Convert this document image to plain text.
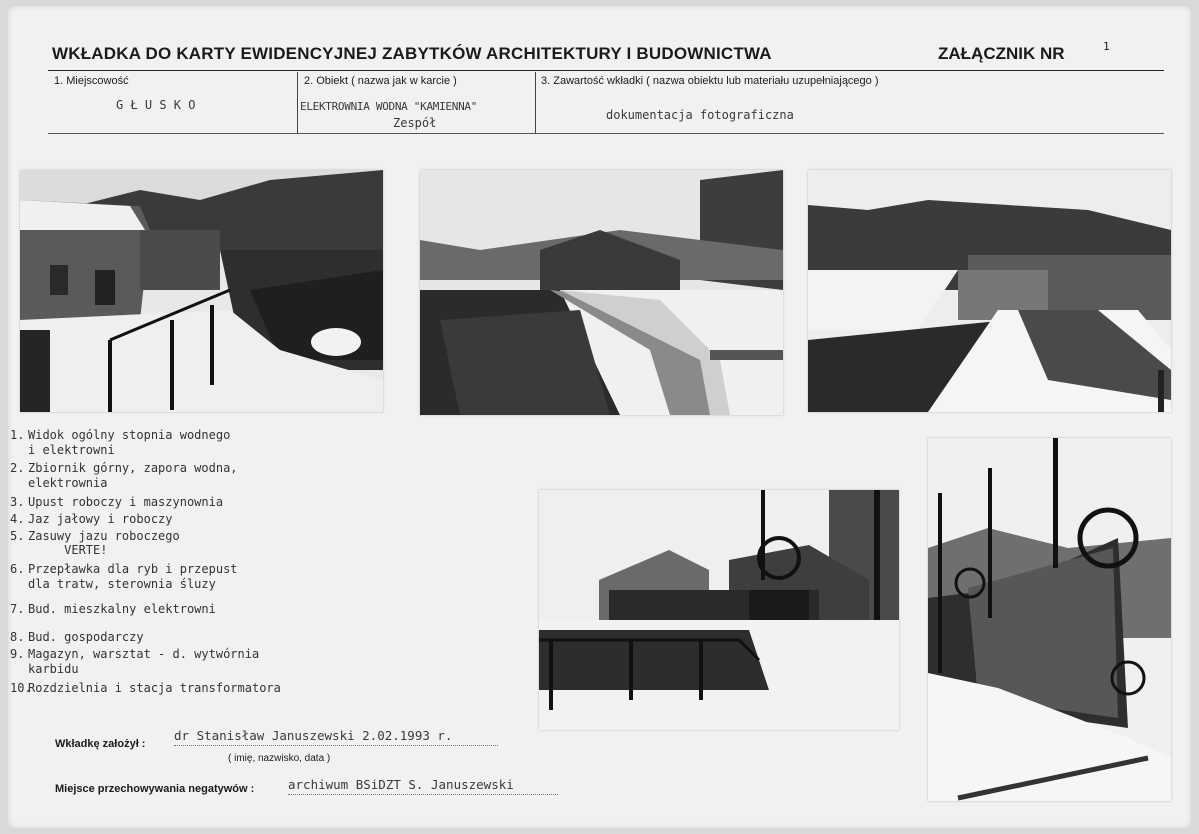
WKŁADKA DO KARTY EWIDENCYJNEJ ZABYTKÓW ARCHITEKTURY I BUDOWNICTWA	ZAŁĄCZNIK NR	1
1. Miejscowość	2. Obiekt ( nazwa jak w karcie )	3. Zawartość wkładki ( nazwa obiektu lub materiału uzupełniającego )
G Ł U S K O	ELEKTROWNIA WODNA "KAMIENNA"
Zespół
dokumentacja fotograficzna
1. Widok ogólny stopnia wodnego
i elektrowni
2. Zbiornik górny, zapora wodna,
elektrownia
3. Upust roboczy i maszynownia
4. Jaz jałowy i roboczy
5. Zasuwy jazu roboczego
VERTE!
6. Przepławka dla ryb i przepust
dla tratw, sterownia śluzy
7. Bud. mieszkalny elektrowni
8. Bud. gospodarczy
9. Magazyn, warsztat - d. wytwórnia
karbidu
10.Rozdzielnia i stacja transformatora
Wkładkę założył :
dr Stanisław Januszewski 2.02.1993 r.
( imię, nazwisko, data )
Miejsce przechowywania negatywów :	archiwum BSiDZT S. Januszewski
